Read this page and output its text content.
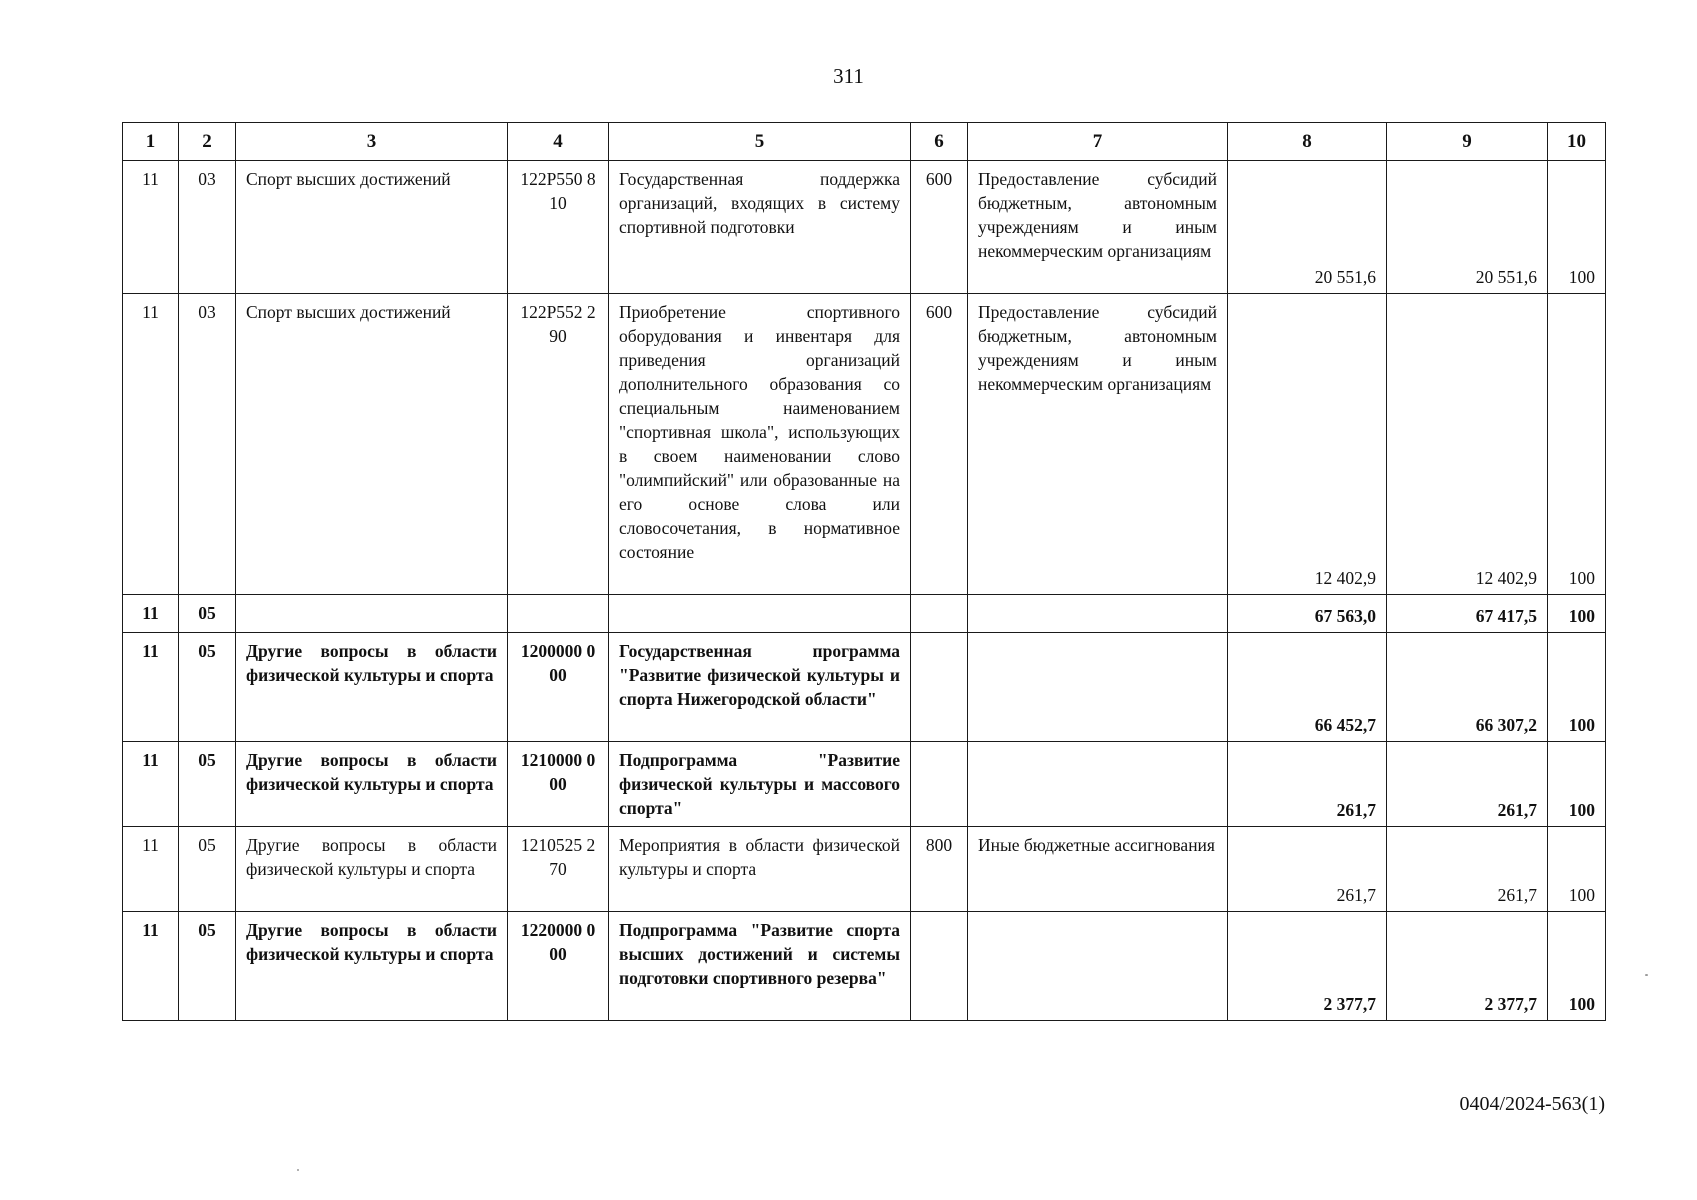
311
1	2	3	4	5	6	7	8	9	10
11	03	Спорт высших достижений	122P550 810	Государственная поддержка организаций, входящих в систему спортивной подготовки	600	Предоставление субсидий бюджетным, автономным учреждениям и иным некоммерческим организациям	20 551,6	20 551,6	100
11	03	Спорт высших достижений	122P552 290	Приобретение спортивного оборудования и инвентаря для приведения организаций дополнительного образования со специальным наименованием "спортивная школа", использующих в своем наименовании слово "олимпийский" или образованные на его основе слова или словосочетания, в нормативное состояние	600	Предоставление субсидий бюджетным, автономным учреждениям и иным некоммерческим организациям	12 402,9	12 402,9	100
11	05						67 563,0	67 417,5	100
11	05	Другие вопросы в области физической культуры и спорта	1200000 000	Государственная программа "Развитие физической культуры и спорта Нижегородской области"			66 452,7	66 307,2	100
11	05	Другие вопросы в области физической культуры и спорта	1210000 000	Подпрограмма "Развитие физической культуры и массового спорта"			261,7	261,7	100
11	05	Другие вопросы в области физической культуры и спорта	1210525 270	Мероприятия в области физической культуры и спорта	800	Иные бюджетные ассигнования	261,7	261,7	100
11	05	Другие вопросы в области физической культуры и спорта	1220000 000	Подпрограмма "Развитие спорта высших достижений и системы подготовки спортивного резерва"			2 377,7	2 377,7	100
0404/2024-563(1)
